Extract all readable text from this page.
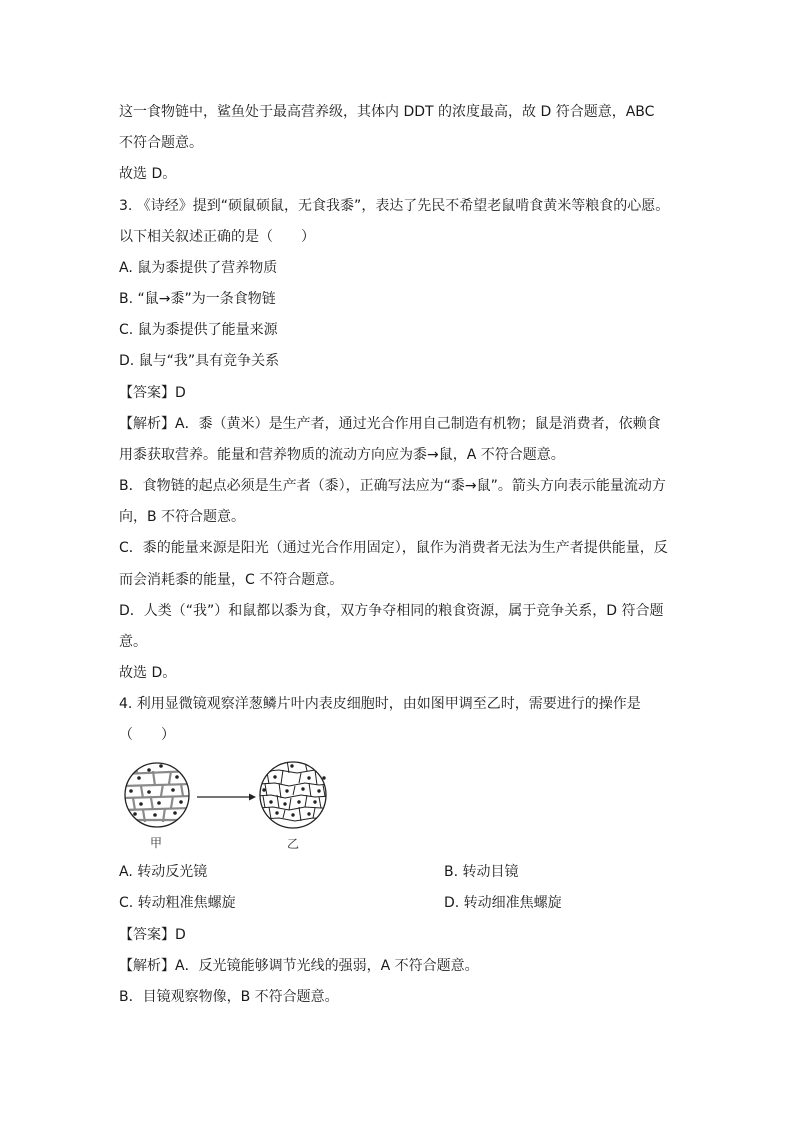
这一食物链中，鲨鱼处于最高营养级，其体内 DDT 的浓度最高，故 D 符合题意，ABC
不符合题意。
故选 D。
3. 《诗经》提到“硕鼠硕鼠，无食我黍”，表达了先民不希望老鼠啃食黄米等粮食的心愿。
以下相关叙述正确的是（　　）
A. 鼠为黍提供了营养物质
B. “鼠→黍”为一条食物链
C. 鼠为黍提供了能量来源
D. 鼠与“我”具有竞争关系
【答案】D
【解析】A．黍（黄米）是生产者，通过光合作用自己制造有机物；鼠是消费者，依赖食
用黍获取营养。能量和营养物质的流动方向应为黍→鼠，A 不符合题意。
B．食物链的起点必须是生产者（黍），正确写法应为“黍→鼠”。箭头方向表示能量流动方
向，B 不符合题意。
C．黍的能量来源是阳光（通过光合作用固定），鼠作为消费者无法为生产者提供能量，反
而会消耗黍的能量，C 不符合题意。
D．人类（“我”）和鼠都以黍为食，双方争夺相同的粮食资源，属于竞争关系，D 符合题
意。
故选 D。
4. 利用显微镜观察洋葱鳞片叶内表皮细胞时，由如图甲调至乙时，需要进行的操作是
（　　）
甲	乙
A. 转动反光镜	B. 转动目镜
C. 转动粗准焦螺旋	D. 转动细准焦螺旋
【答案】D
【解析】A．反光镜能够调节光线的强弱，A 不符合题意。
B．目镜观察物像，B 不符合题意。
